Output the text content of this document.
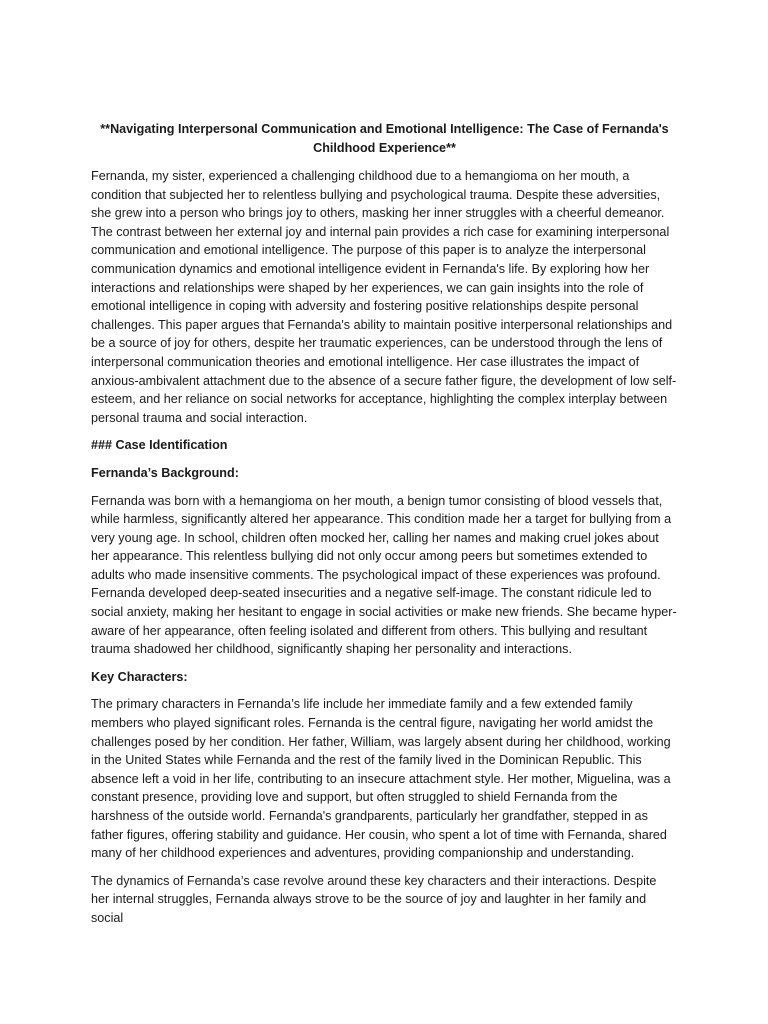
**Navigating Interpersonal Communication and Emotional Intelligence: The Case of Fernanda's Childhood Experience**

Fernanda, my sister, experienced a challenging childhood due to a hemangioma on her mouth, a condition that subjected her to relentless bullying and psychological trauma. Despite these adversities, she grew into a person who brings joy to others, masking her inner struggles with a cheerful demeanor. The contrast between her external joy and internal pain provides a rich case for examining interpersonal communication and emotional intelligence. The purpose of this paper is to analyze the interpersonal communication dynamics and emotional intelligence evident in Fernanda's life. By exploring how her interactions and relationships were shaped by her experiences, we can gain insights into the role of emotional intelligence in coping with adversity and fostering positive relationships despite personal challenges. This paper argues that Fernanda's ability to maintain positive interpersonal relationships and be a source of joy for others, despite her traumatic experiences, can be understood through the lens of interpersonal communication theories and emotional intelligence. Her case illustrates the impact of anxious-ambivalent attachment due to the absence of a secure father figure, the development of low self-esteem, and her reliance on social networks for acceptance, highlighting the complex interplay between personal trauma and social interaction.

### Case Identification
Fernanda’s Background:

Fernanda was born with a hemangioma on her mouth, a benign tumor consisting of blood vessels that, while harmless, significantly altered her appearance. This condition made her a target for bullying from a very young age. In school, children often mocked her, calling her names and making cruel jokes about her appearance. This relentless bullying did not only occur among peers but sometimes extended to adults who made insensitive comments. The psychological impact of these experiences was profound. Fernanda developed deep-seated insecurities and a negative self-image. The constant ridicule led to social anxiety, making her hesitant to engage in social activities or make new friends. She became hyper-aware of her appearance, often feeling isolated and different from others. This bullying and resultant trauma shadowed her childhood, significantly shaping her personality and interactions.

Key Characters:

The primary characters in Fernanda’s life include her immediate family and a few extended family members who played significant roles. Fernanda is the central figure, navigating her world amidst the challenges posed by her condition. Her father, William, was largely absent during her childhood, working in the United States while Fernanda and the rest of the family lived in the Dominican Republic. This absence left a void in her life, contributing to an insecure attachment style. Her mother, Miguelina, was a constant presence, providing love and support, but often struggled to shield Fernanda from the harshness of the outside world. Fernanda's grandparents, particularly her grandfather, stepped in as father figures, offering stability and guidance. Her cousin, who spent a lot of time with Fernanda, shared many of her childhood experiences and adventures, providing companionship and understanding.

The dynamics of Fernanda’s case revolve around these key characters and their interactions. Despite her internal struggles, Fernanda always strove to be the source of joy and laughter in her family and social
